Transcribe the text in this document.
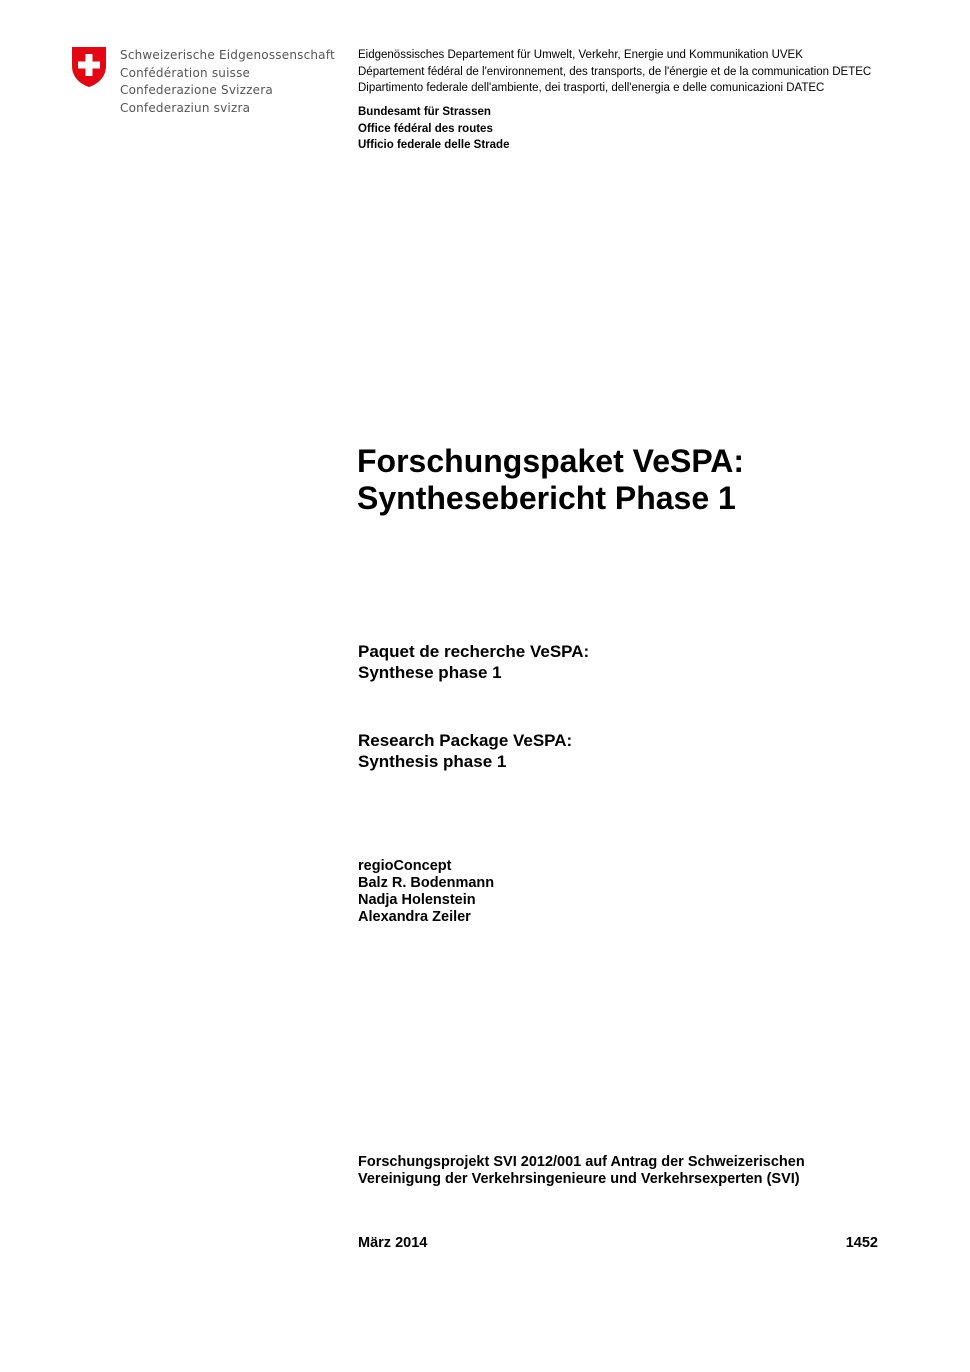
Schweizerische Eidgenossenschaft
Confédération suisse
Confederazione Svizzera
Confederaziun svizra
Eidgenössisches Departement für Umwelt, Verkehr, Energie und Kommunikation UVEK
Département fédéral de l'environnement, des transports, de l'énergie et de la communication DETEC
Dipartimento federale dell'ambiente, dei trasporti, dell'energia e delle comunicazioni DATEC
Bundesamt für Strassen
Office fédéral des routes
Ufficio federale delle Strade
Forschungspaket VeSPA:
Synthesebericht Phase 1
Paquet de recherche VeSPA:
Synthese phase 1
Research Package VeSPA:
Synthesis phase 1
regioConcept
Balz R. Bodenmann
Nadja Holenstein
Alexandra Zeiler
Forschungsprojekt SVI 2012/001 auf Antrag der Schweizerischen
Vereinigung der Verkehrsingenieure und Verkehrsexperten (SVI)
März 2014	1452
